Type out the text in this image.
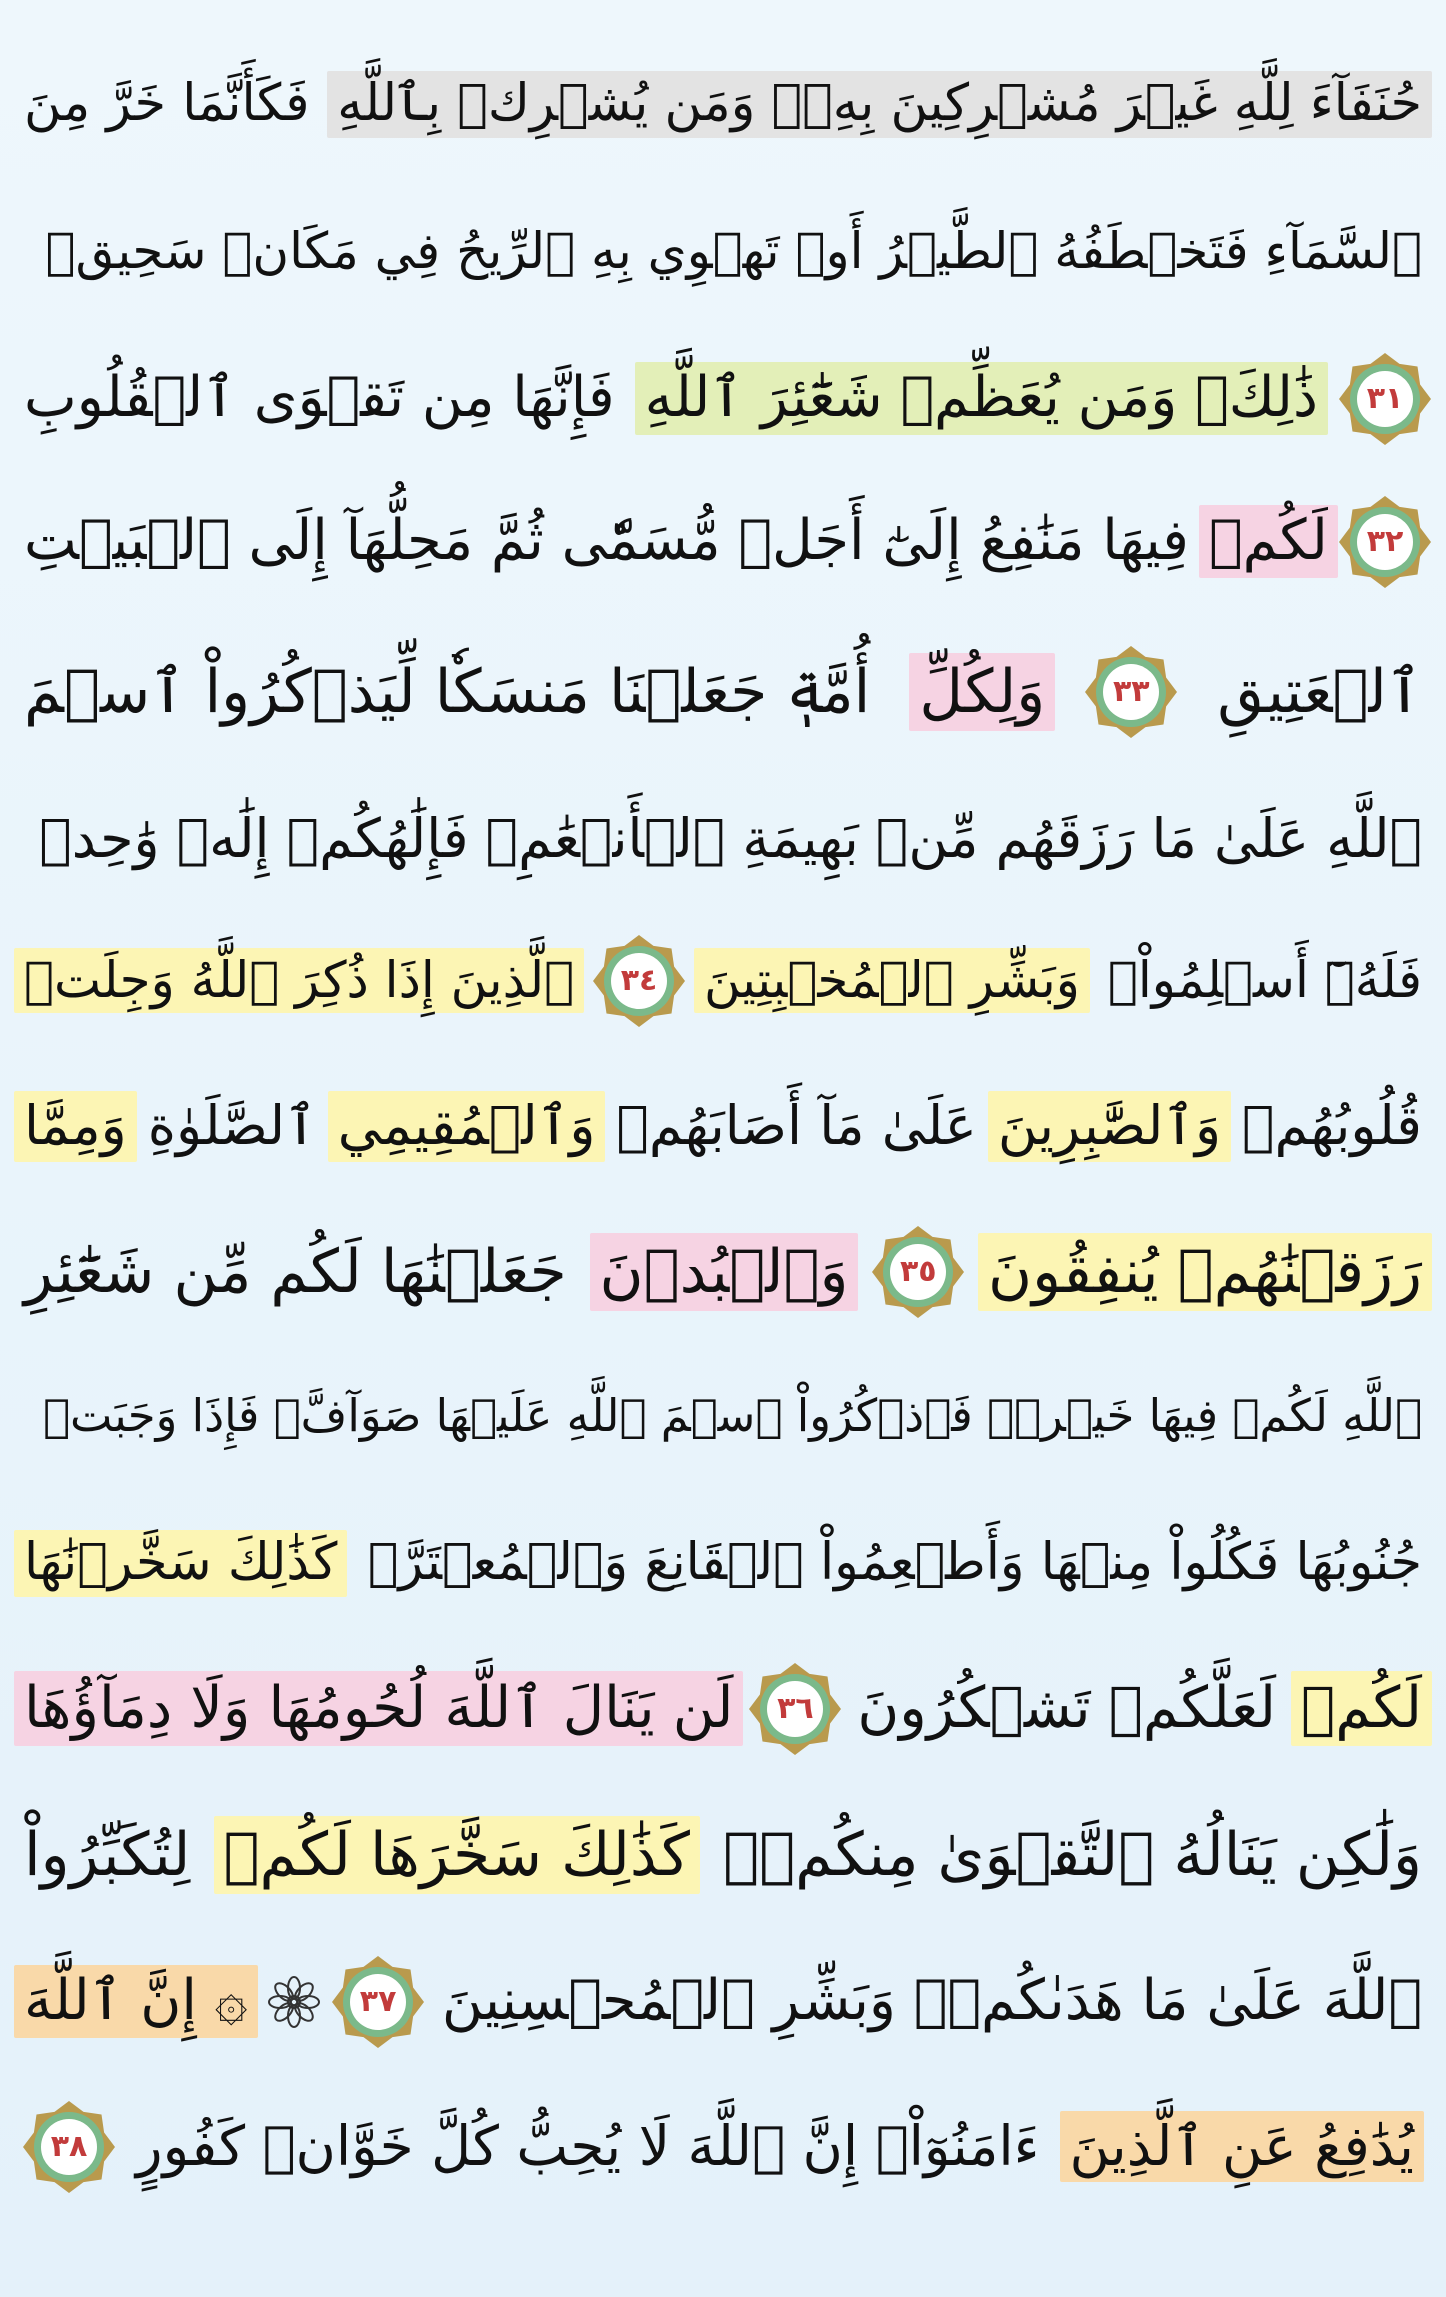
حُنَفَآءَ لِلَّهِ غَيۡرَ مُشۡرِكِينَ بِهِۦۚ وَمَن يُشۡرِكۡ بِٱللَّهِ
فَكَأَنَّمَا خَرَّ مِنَ
ٱلسَّمَآءِ فَتَخۡطَفُهُ ٱلطَّيۡرُ أَوۡ تَهۡوِي بِهِ ٱلرِّيحُ فِي مَكَانٖ سَحِيقٖ
٣١
ذَٰلِكَۖ وَمَن يُعَظِّمۡ شَعَٰٓئِرَ ٱللَّهِ
فَإِنَّهَا مِن تَقۡوَى ٱلۡقُلُوبِ
٣٢
لَكُمۡ
فِيهَا مَنَٰفِعُ إِلَىٰٓ أَجَلٖ مُّسَمّٗى ثُمَّ مَحِلُّهَآ إِلَى ٱلۡبَيۡتِ
ٱلۡعَتِيقِ
٣٣
وَلِكُلِّ
أُمَّةٖ جَعَلۡنَا مَنسَكٗا لِّيَذۡكُرُواْ ٱسۡمَ
ٱللَّهِ عَلَىٰ مَا رَزَقَهُم مِّنۢ بَهِيمَةِ ٱلۡأَنۡعَٰمِۗ فَإِلَٰهُكُمۡ إِلَٰهٞ وَٰحِدٞ
فَلَهُۥٓ أَسۡلِمُواْۗ
وَبَشِّرِ ٱلۡمُخۡبِتِينَ
٣٤
ٱلَّذِينَ إِذَا ذُكِرَ ٱللَّهُ وَجِلَتۡ
قُلُوبُهُمۡ
وَٱلصَّٰبِرِينَ
عَلَىٰ مَآ أَصَابَهُمۡ
وَٱلۡمُقِيمِي
ٱلصَّلَوٰةِ
وَمِمَّا
رَزَقۡنَٰهُمۡ يُنفِقُونَ
٣٥
وَٱلۡبُدۡنَ
جَعَلۡنَٰهَا لَكُم مِّن شَعَٰٓئِرِ
ٱللَّهِ لَكُمۡ فِيهَا خَيۡرٞۖ فَٱذۡكُرُواْ ٱسۡمَ ٱللَّهِ عَلَيۡهَا صَوَآفَّۖ فَإِذَا وَجَبَتۡ
جُنُوبُهَا فَكُلُواْ مِنۡهَا وَأَطۡعِمُواْ ٱلۡقَانِعَ وَٱلۡمُعۡتَرَّۚ
كَذَٰلِكَ سَخَّرۡنَٰهَا
لَكُمۡ
لَعَلَّكُمۡ تَشۡكُرُونَ
٣٦
لَن يَنَالَ ٱللَّهَ لُحُومُهَا وَلَا دِمَآؤُهَا
وَلَٰكِن يَنَالُهُ ٱلتَّقۡوَىٰ مِنكُمۡۚ
كَذَٰلِكَ سَخَّرَهَا لَكُمۡ
لِتُكَبِّرُواْ
ٱللَّهَ عَلَىٰ مَا هَدَىٰكُمۡۗ وَبَشِّرِ ٱلۡمُحۡسِنِينَ
٣٧
۞ إِنَّ ٱللَّهَ
يُدَٰفِعُ عَنِ ٱلَّذِينَ
ءَامَنُوٓاْۗ إِنَّ ٱللَّهَ لَا يُحِبُّ كُلَّ خَوَّانٖ كَفُورٍ
٣٨
